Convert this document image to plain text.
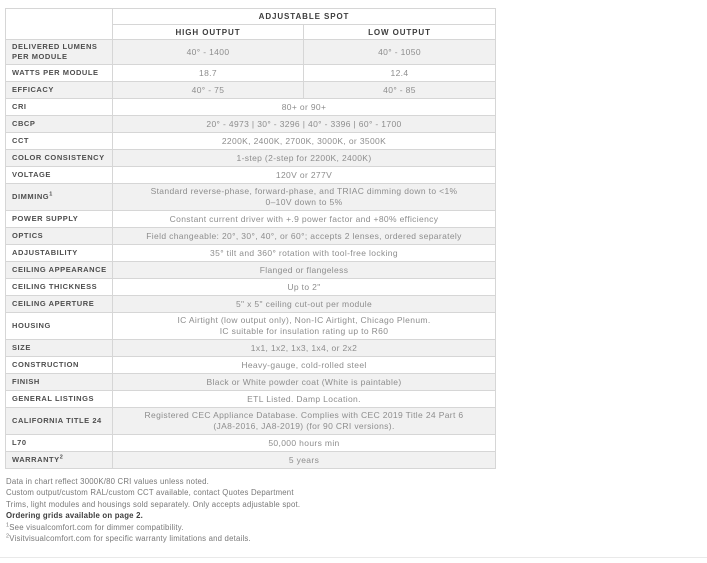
	ADJUSTABLE SPOT	
	HIGH OUTPUT	LOW OUTPUT
DELIVERED LUMENS PER MODULE	40° - 1400	40° - 1050
WATTS PER MODULE	18.7	12.4
EFFICACY	40° - 75	40° - 85
CRI	80+ or 90+	
CBCP	20° - 4973 | 30° - 3296 | 40° - 3396 | 60° - 1700	
CCT	2200K, 2400K, 2700K, 3000K, or 3500K	
COLOR CONSISTENCY	1-step (2-step for 2200K, 2400K)	
VOLTAGE	120V or 277V	
DIMMING$^1$	Standard reverse-phase, forward-phase, and TRIAC dimming down to <1%
0–10V down to 5%	
POWER SUPPLY	Constant current driver with +.9 power factor and +80% efficiency	
OPTICS	Field changeable: 20°, 30°, 40°, or 60°; accepts 2 lenses, ordered separately	
ADJUSTABILITY	35° tilt and 360° rotation with tool-free locking	
CEILING APPEARANCE	Flanged or flangeless	
CEILING THICKNESS	Up to 2"	
CEILING APERTURE	5" x 5" ceiling cut-out per module	
HOUSING	IC Airtight (low output only), Non-IC Airtight, Chicago Plenum.
IC suitable for insulation rating up to R60	
SIZE	1x1, 1x2, 1x3, 1x4, or 2x2	
CONSTRUCTION	Heavy-gauge, cold-rolled steel	
FINISH	Black or White powder coat (White is paintable)	
GENERAL LISTINGS	ETL Listed. Damp Location.	
CALIFORNIA TITLE 24	Registered CEC Appliance Database. Complies with CEC 2019 Title 24 Part 6
(JA8-2016, JA8-2019) (for 90 CRI versions).	
L70	50,000 hours min	
WARRANTY$^2$	5 years	
Data in chart reflect 3000K/80 CRI values unless noted.
Custom output/custom RAL/custom CCT available, contact Quotes Department
Trims, light modules and housings sold separately. Only accepts adjustable spot.
Ordering grids available on page 2.
$^1$See visualcomfort.com for dimmer compatibility.
$^2$Visitvisualcomfort.com for specific warranty limitations and details.
